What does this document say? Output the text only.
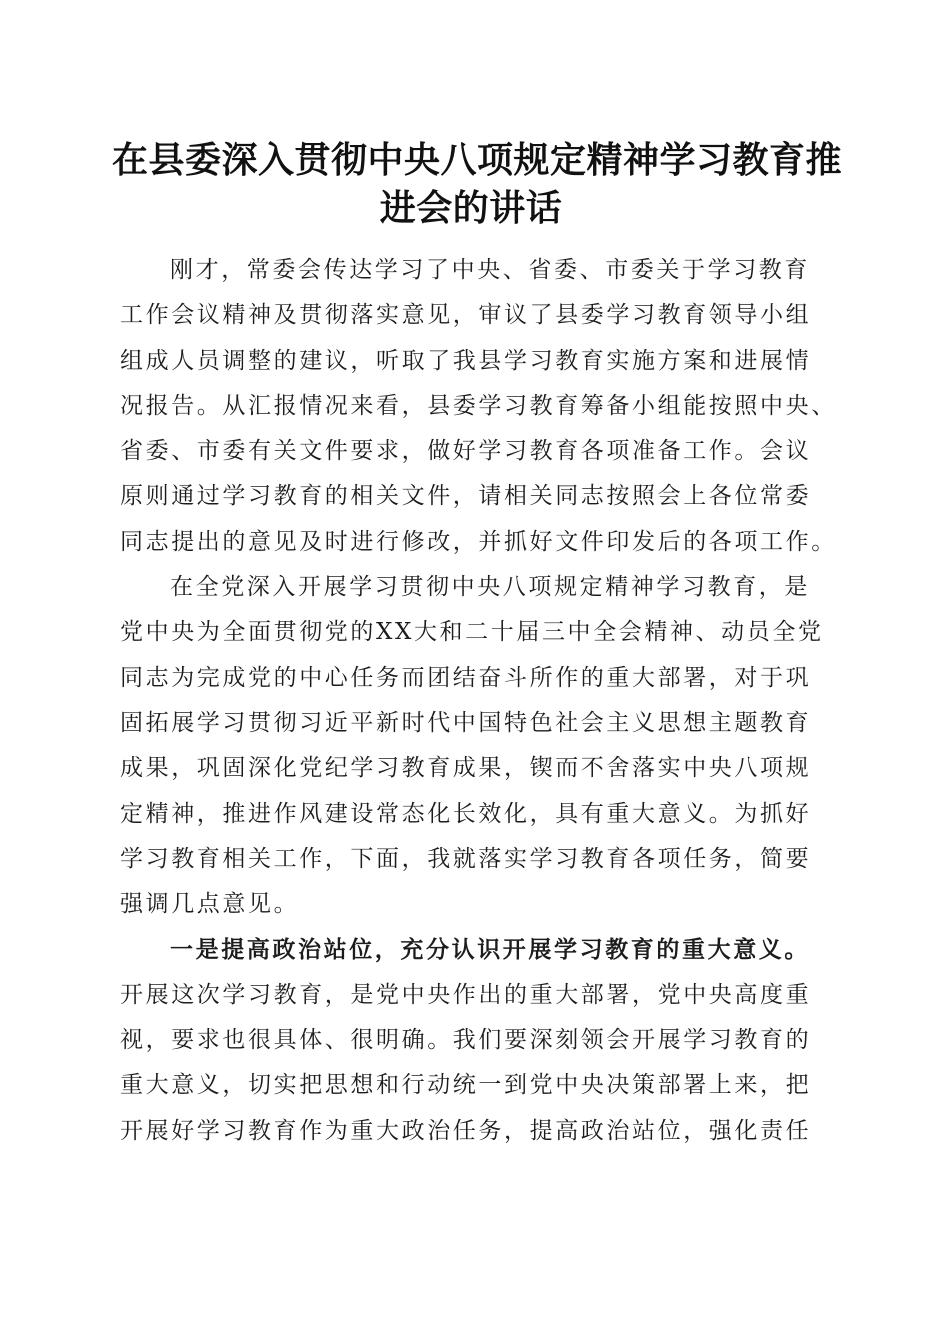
在县委深入贯彻中央八项规定精神学习教育推
进会的讲话
刚才，常委会传达学习了中央、省委、市委关于学习教育
工作会议精神及贯彻落实意见，审议了县委学习教育领导小组
组成人员调整的建议，听取了我县学习教育实施方案和进展情
况报告。从汇报情况来看，县委学习教育筹备小组能按照中央、
省委、市委有关文件要求，做好学习教育各项准备工作。会议
原则通过学习教育的相关文件，请相关同志按照会上各位常委
同志提出的意见及时进行修改，并抓好文件印发后的各项工作。
在全党深入开展学习贯彻中央八项规定精神学习教育，是
党中央为全面贯彻党的XX大和二十届三中全会精神、动员全党
同志为完成党的中心任务而团结奋斗所作的重大部署，对于巩
固拓展学习贯彻习近平新时代中国特色社会主义思想主题教育
成果，巩固深化党纪学习教育成果，锲而不舍落实中央八项规
定精神，推进作风建设常态化长效化，具有重大意义。为抓好
学习教育相关工作，下面，我就落实学习教育各项任务，简要
强调几点意见。
一是提高政治站位，充分认识开展学习教育的重大意义。
开展这次学习教育，是党中央作出的重大部署，党中央高度重
视，要求也很具体、很明确。我们要深刻领会开展学习教育的
重大意义，切实把思想和行动统一到党中央决策部署上来，把
开展好学习教育作为重大政治任务，提高政治站位，强化责任
